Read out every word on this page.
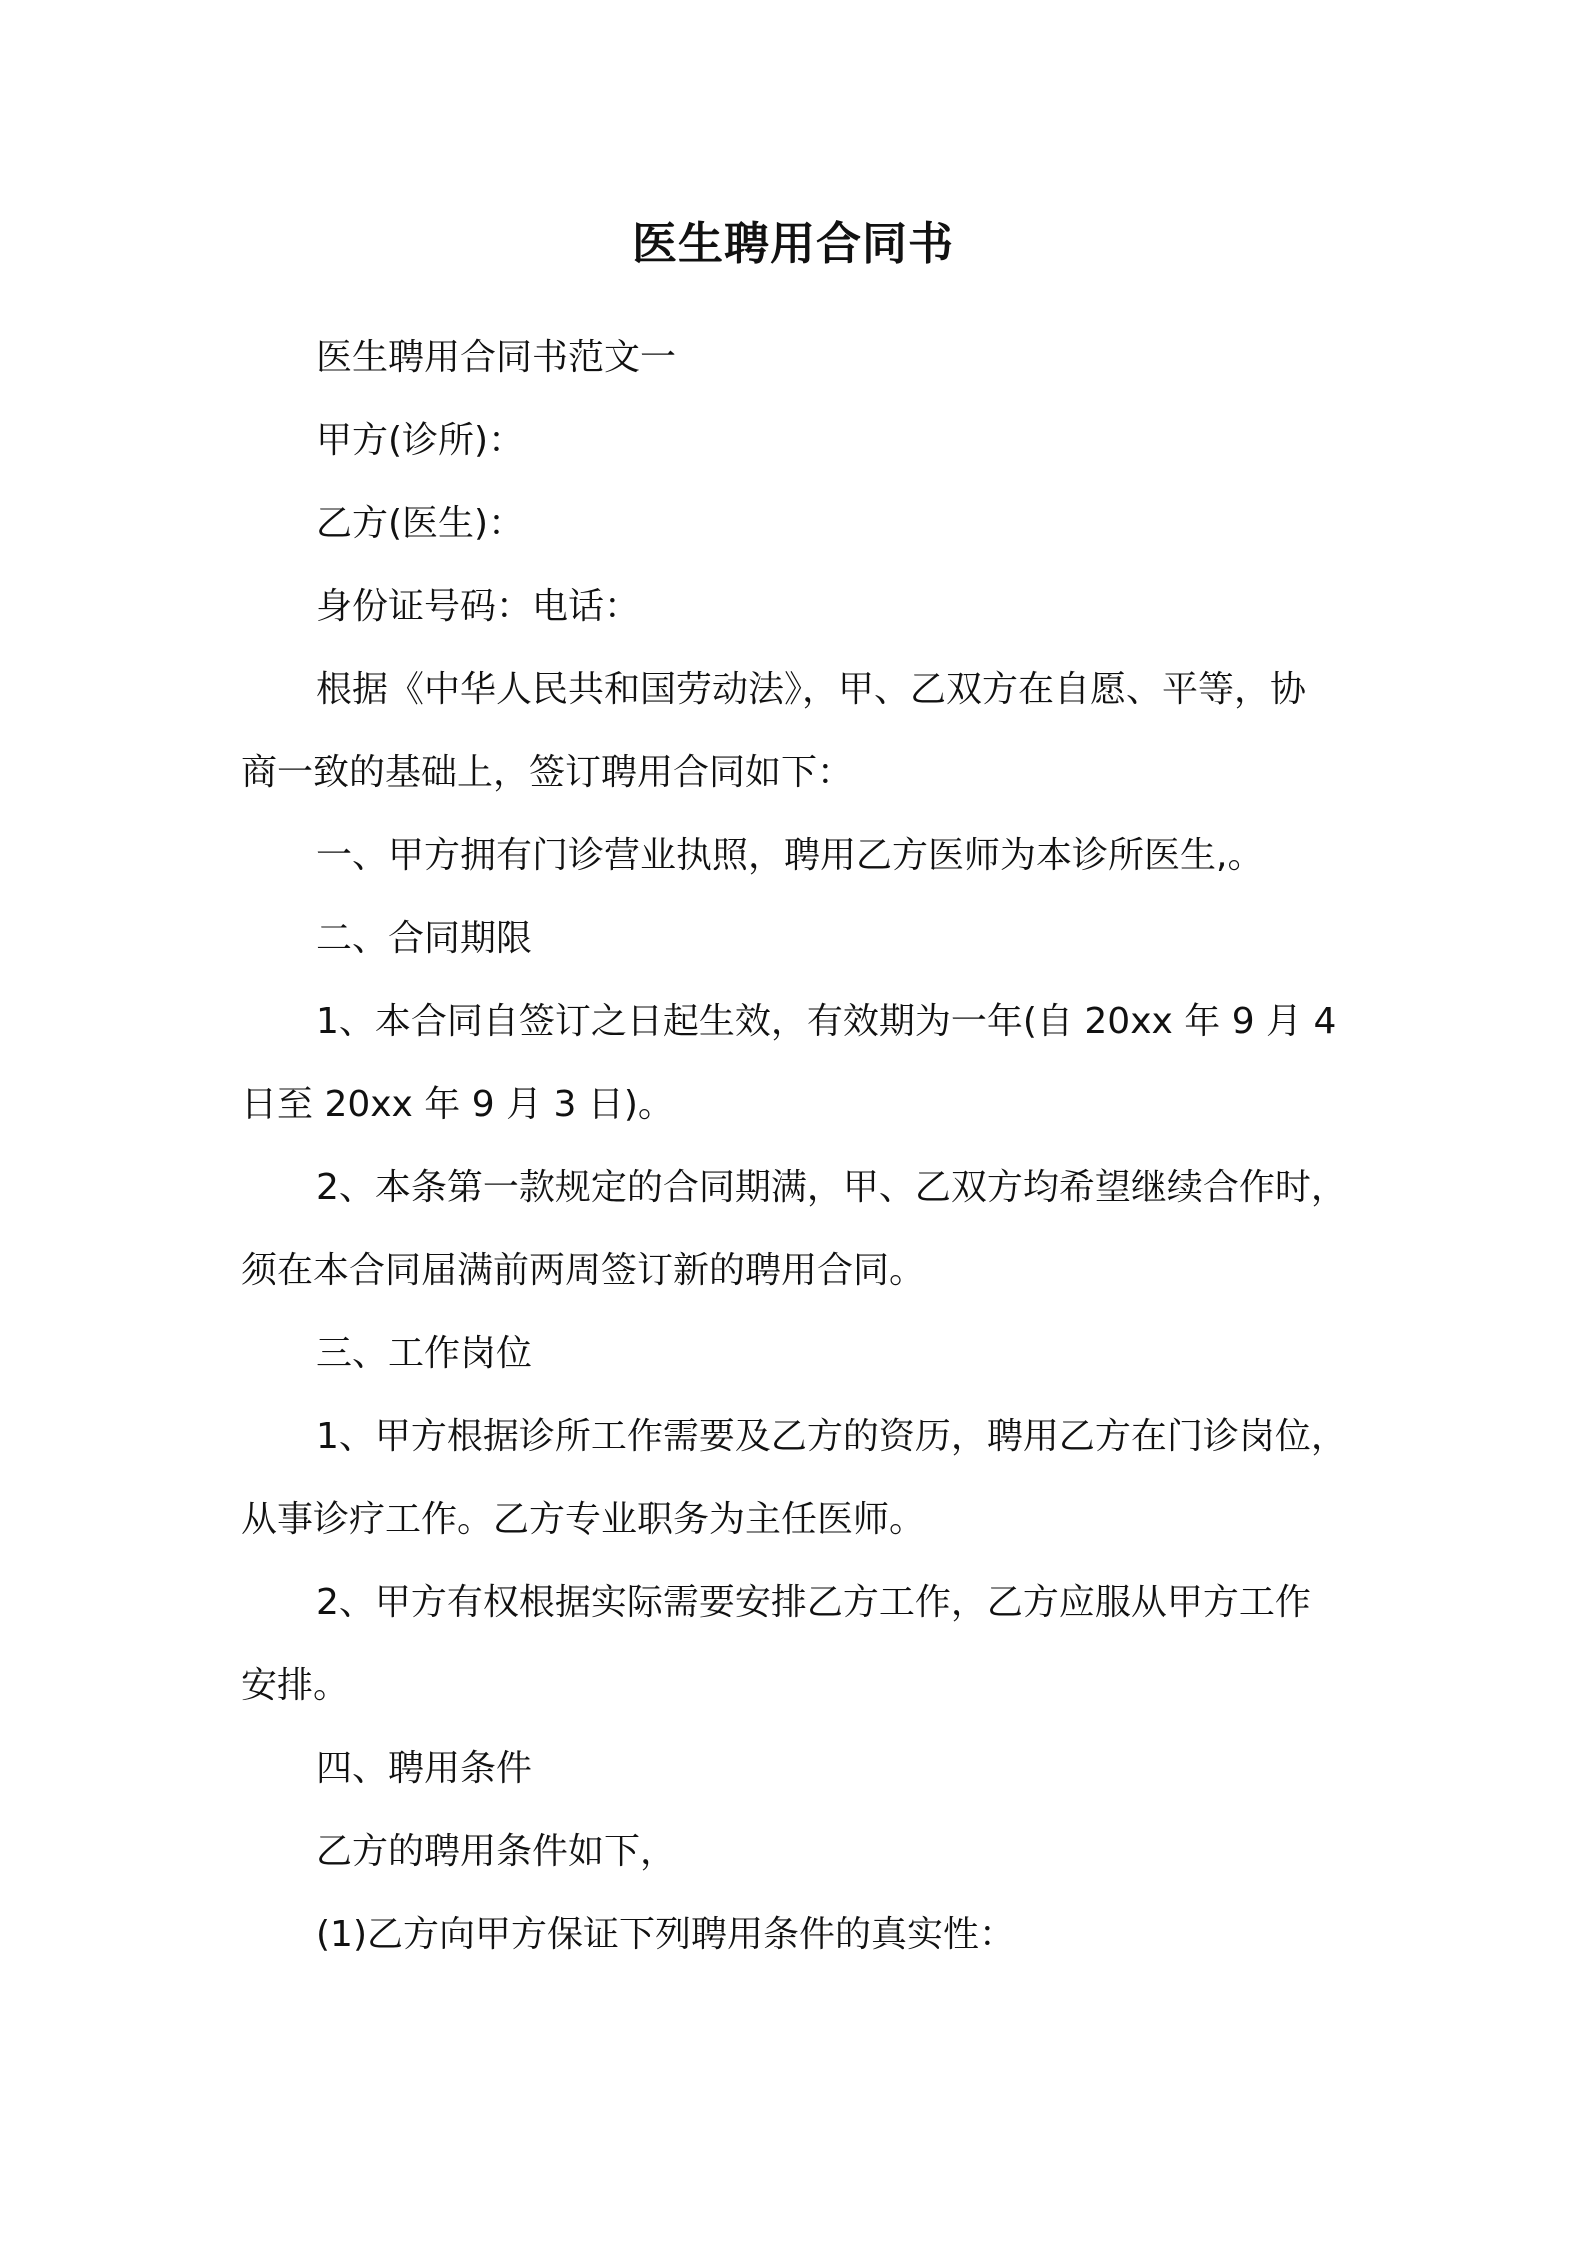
医生聘用合同书
医生聘用合同书范文一
甲方(诊所)：
乙方(医生)：
身份证号码：电话：
根据《中华人民共和国劳动法》，甲、乙双方在自愿、平等，协
商一致的基础上，签订聘用合同如下：
一、甲方拥有门诊营业执照，聘用乙方医师为本诊所医生,。
二、合同期限
1、本合同自签订之日起生效，有效期为一年(自 20xx 年 9 月 4
日至 20xx 年 9 月 3 日)。
2、本条第一款规定的合同期满，甲、乙双方均希望继续合作时，
须在本合同届满前两周签订新的聘用合同。
三、工作岗位
1、甲方根据诊所工作需要及乙方的资历，聘用乙方在门诊岗位，
从事诊疗工作。乙方专业职务为主任医师。
2、甲方有权根据实际需要安排乙方工作，乙方应服从甲方工作
安排。
四、聘用条件
乙方的聘用条件如下，
(1)乙方向甲方保证下列聘用条件的真实性：
